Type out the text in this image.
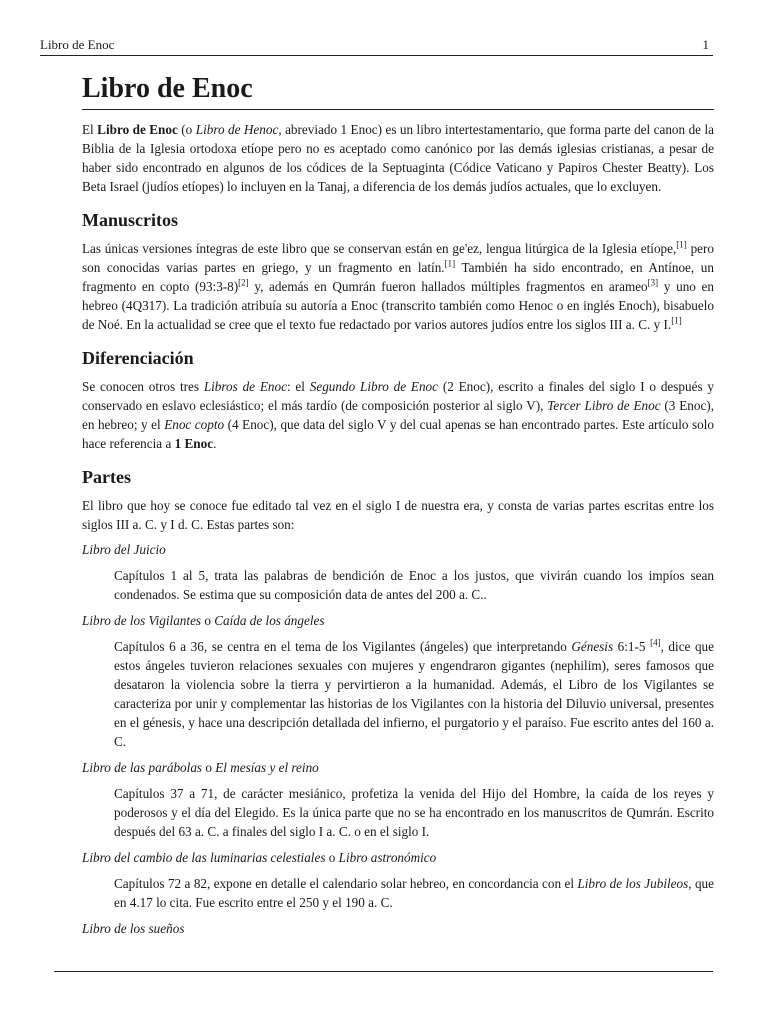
Libro de Enoc	1
Libro de Enoc

El Libro de Enoc (o Libro de Henoc, abreviado 1 Enoc) es un libro intertestamentario, que forma parte del canon de la Biblia de la Iglesia ortodoxa etíope pero no es aceptado como canónico por las demás iglesias cristianas, a pesar de haber sido encontrado en algunos de los códices de la Septuaginta (Códice Vaticano y Papiros Chester Beatty). Los Beta Israel (judíos etíopes) lo incluyen en la Tanaj, a diferencia de los demás judíos actuales, que lo excluyen.

Manuscritos

Las únicas versiones íntegras de este libro que se conservan están en ge'ez, lengua litúrgica de la Iglesia etíope,[1] pero son conocidas varias partes en griego, y un fragmento en latín.[1] También ha sido encontrado, en Antínoe, un fragmento en copto (93:3-8)[2] y, además en Qumrán fueron hallados múltiples fragmentos en arameo[3] y uno en hebreo (4Q317). La tradición atribuía su autoría a Enoc (transcrito también como Henoc o en inglés Enoch), bisabuelo de Noé. En la actualidad se cree que el texto fue redactado por varios autores judíos entre los siglos III a. C. y I.[1]

Diferenciación

Se conocen otros tres Libros de Enoc: el Segundo Libro de Enoc (2 Enoc), escrito a finales del siglo I o después y conservado en eslavo eclesiástico; el más tardío (de composición posterior al siglo V), Tercer Libro de Enoc (3 Enoc), en hebreo; y el Enoc copto (4 Enoc), que data del siglo V y del cual apenas se han encontrado partes. Este artículo solo hace referencia a 1 Enoc.

Partes

El libro que hoy se conoce fue editado tal vez en el siglo I de nuestra era, y consta de varias partes escritas entre los siglos III a. C. y I d. C. Estas partes son:

Libro del Juicio
Capítulos 1 al 5, trata las palabras de bendición de Enoc a los justos, que vivirán cuando los impíos sean condenados. Se estima que su composición data de antes del 200 a. C..
Libro de los Vigilantes o Caída de los ángeles
Capítulos 6 a 36, se centra en el tema de los Vigilantes (ángeles) que interpretando Génesis 6:1-5 [4], dice que estos ángeles tuvieron relaciones sexuales con mujeres y engendraron gigantes (nephilim), seres famosos que desataron la violencia sobre la tierra y pervirtieron a la humanidad. Además, el Libro de los Vigilantes se caracteriza por unir y complementar las historias de los Vigilantes con la historia del Diluvio universal, presentes en el génesis, y hace una descripción detallada del infierno, el purgatorio y el paraíso. Fue escrito antes del 160 a. C.
Libro de las parábolas o El mesías y el reino
Capítulos 37 a 71, de carácter mesiánico, profetiza la venida del Hijo del Hombre, la caída de los reyes y poderosos y el día del Elegido. Es la única parte que no se ha encontrado en los manuscritos de Qumrán. Escrito después del 63 a. C. a finales del siglo I a. C. o en el siglo I.
Libro del cambio de las luminarias celestiales o Libro astronómico
Capítulos 72 a 82, expone en detalle el calendario solar hebreo, en concordancia con el Libro de los Jubileos, que en 4.17 lo cita. Fue escrito entre el 250 y el 190 a. C.
Libro de los sueños
